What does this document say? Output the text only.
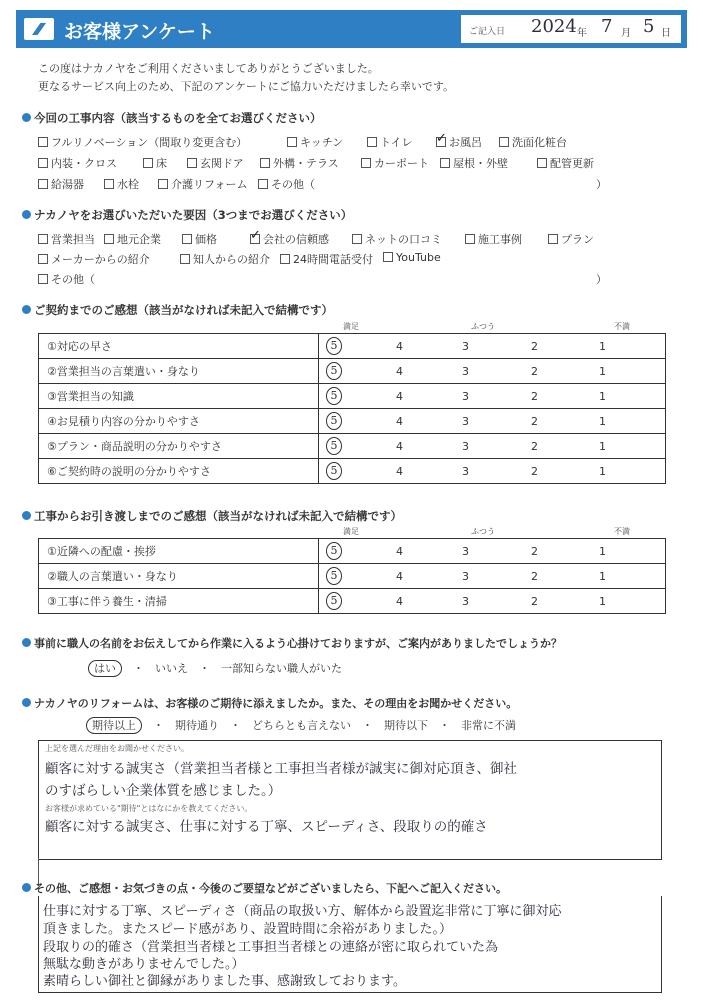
お客様アンケート	ご記入日 2024 年 7 月 5 日
この度はナカノヤをご利用くださいましてありがとうございました。
更なるサービス向上のため、下記のアンケートにご協力いただけましたら幸いです。
今回の工事内容（該当するものを全てお選びください）
フルリノベーション（間取り変更含む）	キッチン	トイレ ✓	お風呂	洗面化粧台
内装・クロス	床	玄関ドア	外構・テラス	カーポート	屋根・外壁	配管更新
給湯器	水栓	介護リフォーム	その他（	）
ナカノヤをお選びいただいた要因（3つまでお選びください）
営業担当	地元企業	価格 ✓	会社の信頼感	ネットの口コミ	施工事例	プラン
メーカーからの紹介	知人からの紹介	24時間電話受付	YouTube
その他（	）
ご契約までのご感想（該当がなければ未記入で結構です）
満足	ふつう	不満
①対応の早さ	5 4 3 2 1

②営業担当の言葉遣い・身なり	5 4 3 2 1

③営業担当の知識	5 4 3 2 1

④お見積り内容の分かりやすさ	5 4 3 2 1

⑤プラン・商品説明の分かりやすさ	5 4 3 2 1

⑥ご契約時の説明の分かりやすさ	5 4 3 2 1
工事からお引き渡しまでのご感想（該当がなければ未記入で結構です）
満足	ふつう	不満
①近隣への配慮・挨拶	5 4 3 2 1

②職人の言葉遣い・身なり	5 4 3 2 1

③工事に伴う養生・清掃	5 4 3 2 1
事前に職人の名前をお伝えしてから作業に入るよう心掛けておりますが、ご案内がありましたでしょうか？
はい　・　いいえ　・　一部知らない職人がいた
ナカノヤのリフォームは、お客様のご期待に添えましたか。また、その理由をお聞かせください。
期待以上　・　期待通り　・　どちらとも言えない　・　期待以下　・　非常に不満
上記を選んだ理由をお聞かせください。
顧客に対する誠実さ（営業担当者様と工事担当者様が誠実に御対応頂き、御社
のすばらしい企業体質を感じました。）
お客様が求めている"期待"とはなにかを教えてください。
顧客に対する誠実さ、仕事に対する丁寧、スピーディさ、段取りの的確さ
その他、ご感想・お気づきの点・今後のご要望などがございましたら、下記へご記入ください。
仕事に対する丁寧、スピーディさ（商品の取扱い方、解体から設置迄非常に丁寧に御対応
頂きました。またスピード感があり、設置時間に余裕がありました。）
段取りの的確さ（営業担当者様と工事担当者様との連絡が密に取られていた為
無駄な動きがありませんでした。）
素晴らしい御社と御縁がありました事、感謝致しております。
